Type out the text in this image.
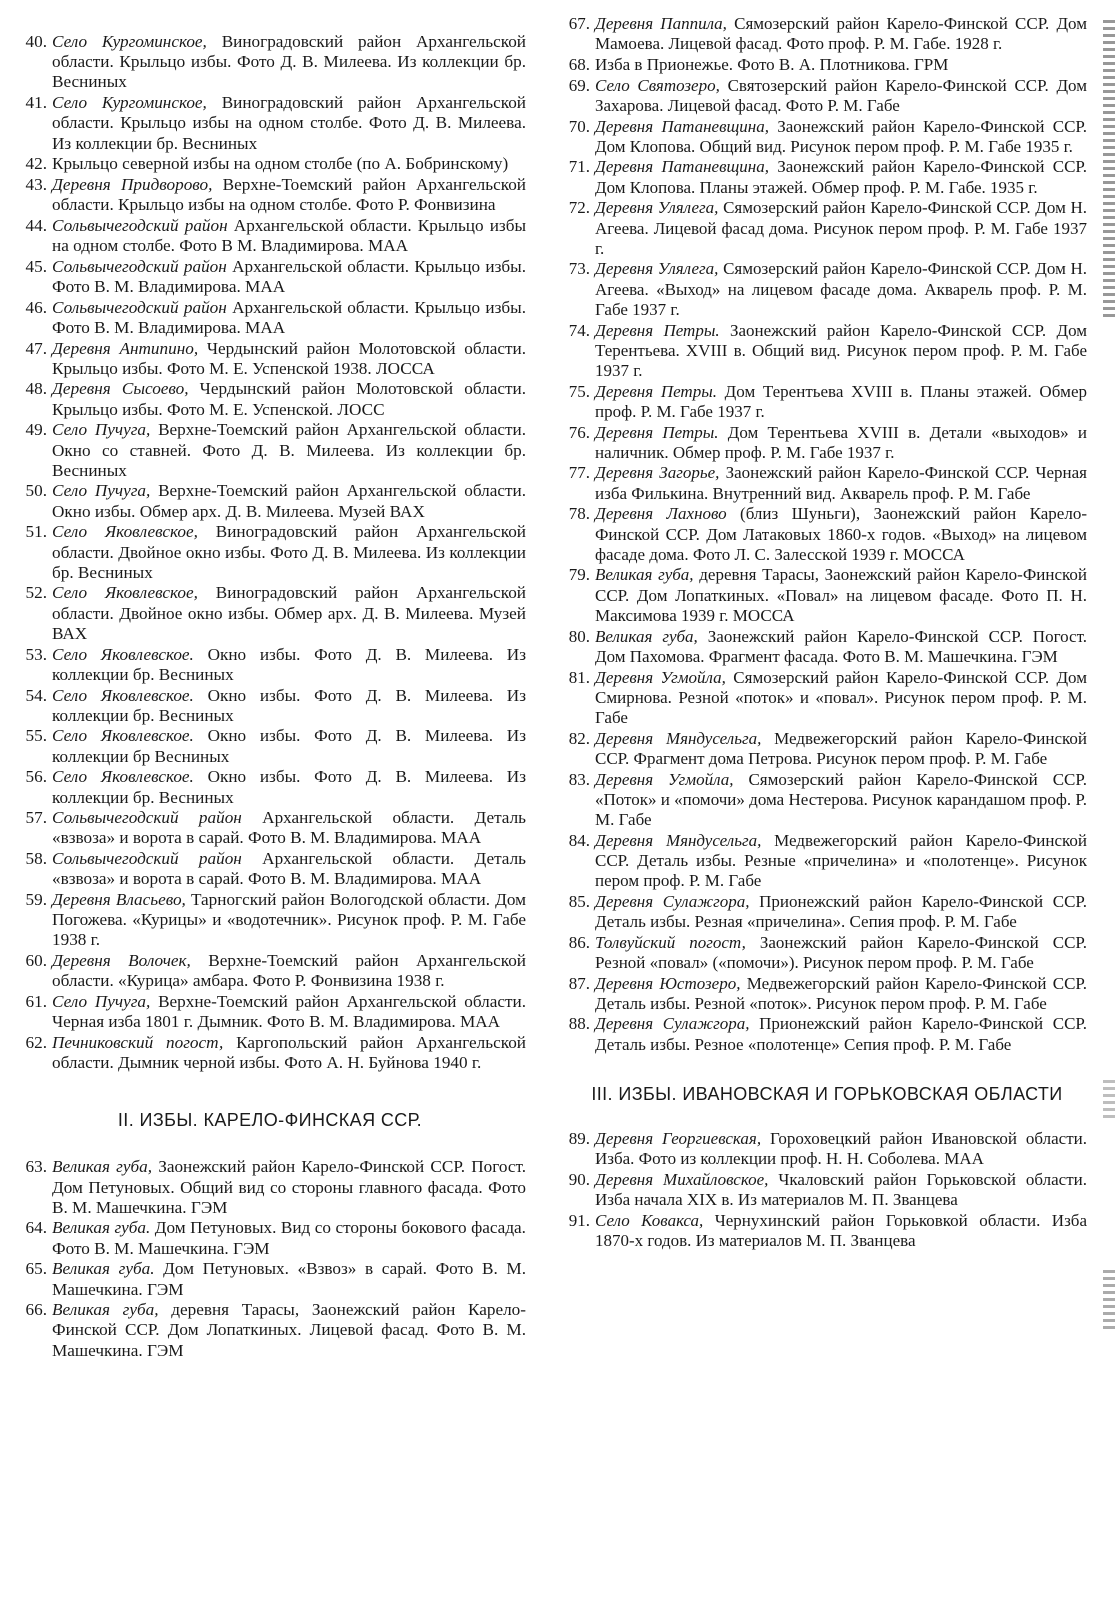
40. Село Кургоминское, Виноградовский район Архангельской области. Крыльцо избы. Фото Д. В. Милеева. Из коллекции бр. Весниных
41. Село Кургоминское, Виноградовский район Архангельской области. Крыльцо избы на одном столбе. Фото Д. В. Милеева. Из коллекции бр. Весниных
42. Крыльцо северной избы на одном столбе (по А. Бобринскому)
43. Деревня Придворово, Верхне-Тоемский район Архангельской области. Крыльцо избы на одном столбе. Фото Р. Фонвизина
44. Сольвычегодский район Архангельской области. Крыльцо избы на одном столбе. Фото В М. Владимирова. МАА
45. Сольвычегодский район Архангельской области. Крыльцо избы. Фото В. М. Владимирова. МАА
46. Сольвычегодский район Архангельской области. Крыльцо избы. Фото В. М. Владимирова. МАА
47. Деревня Антипино, Чердынский район Молотовской области. Крыльцо избы. Фото М. Е. Успенской 1938. ЛОССА
48. Деревня Сысоево, Чердынский район Молотовской области. Крыльцо избы. Фото М. Е. Успенской. ЛОСС
49. Село Пучуга, Верхне-Тоемский район Архангельской области. Окно со ставней. Фото Д. В. Милеева. Из коллекции бр. Весниных
50. Село Пучуга, Верхне-Тоемский район Архангельской области. Окно избы. Обмер арх. Д. В. Милеева. Музей ВАХ
51. Село Яковлевское, Виноградовский район Архангельской области. Двойное окно избы. Фото Д. В. Милеева. Из коллекции бр. Весниных
52. Село Яковлевское, Виноградовский район Архангельской области. Двойное окно избы. Обмер арх. Д. В. Милеева. Музей ВАХ
53. Село Яковлевское. Окно избы. Фото Д. В. Милеева. Из коллекции бр. Весниных
54. Село Яковлевское. Окно избы. Фото Д. В. Милеева. Из коллекции бр. Весниных
55. Село Яковлевское. Окно избы. Фото Д. В. Милеева. Из коллекции бр Весниных
56. Село Яковлевское. Окно избы. Фото Д. В. Милеева. Из коллекции бр. Весниных
57. Сольвычегодский район Архангельской области. Деталь «взвоза» и ворота в сарай. Фото В. М. Владимирова. МАА
58. Сольвычегодский район Архангельской области. Деталь «взвоза» и ворота в сарай. Фото В. М. Владимирова. МАА
59. Деревня Власьево, Тарногский район Вологодской области. Дом Погожева. «Курицы» и «водотечник». Рисунок проф. Р. М. Габе 1938 г.
60. Деревня Волочек, Верхне-Тоемский район Архангельской области. «Курица» амбара. Фото Р. Фонвизина 1938 г.
61. Село Пучуга, Верхне-Тоемский район Архангельской области. Черная изба 1801 г. Дымник. Фото В. М. Владимирова. МАА
62. Печниковский погост, Каргопольский район Архангельской области. Дымник черной избы. Фото А. Н. Буйнова 1940 г.
II. ИЗБЫ. КАРЕЛО-ФИНСКАЯ ССР.
63. Великая губа, Заонежский район Карело-Финской ССР. Погост. Дом Петуновых. Общий вид со стороны главного фасада. Фото В. М. Машечкина. ГЭМ
64. Великая губа. Дом Петуновых. Вид со стороны бокового фасада. Фото В. М. Машечкина. ГЭМ
65. Великая губа. Дом Петуновых. «Взвоз» в сарай. Фото В. М. Машечкина. ГЭМ
66. Великая губа, деревня Тарасы, Заонежский район Карело-Финской ССР. Дом Лопаткиных. Лицевой фасад. Фото В. М. Машечкина. ГЭМ
67. Деревня Паппила, Сямозерский район Карело-Финской ССР. Дом Мамоева. Лицевой фасад. Фото проф. Р. М. Габе. 1928 г.
68. Изба в Прионежье. Фото В. А. Плотникова. ГРМ
69. Село Святозеро, Святозерский район Карело-Финской ССР. Дом Захарова. Лицевой фасад. Фото Р. М. Габе
70. Деревня Патаневщина, Заонежский район Карело-Финской ССР. Дом Клопова. Общий вид. Рисунок пером проф. Р. М. Габе 1935 г.
71. Деревня Патаневщина, Заонежский район Карело-Финской ССР. Дом Клопова. Планы этажей. Обмер проф. Р. М. Габе. 1935 г.
72. Деревня Улялега, Сямозерский район Карело-Финской ССР. Дом Н. Агеева. Лицевой фасад дома. Рисунок пером проф. Р. М. Габе 1937 г.
73. Деревня Улялега, Сямозерский район Карело-Финской ССР. Дом Н. Агеева. «Выход» на лицевом фасаде дома. Акварель проф. Р. М. Габе 1937 г.
74. Деревня Петры. Заонежский район Карело-Финской ССР. Дом Терентьева. XVIII в. Общий вид. Рисунок пером проф. Р. М. Габе 1937 г.
75. Деревня Петры. Дом Терентьева XVIII в. Планы этажей. Обмер проф. Р. М. Габе 1937 г.
76. Деревня Петры. Дом Терентьева XVIII в. Детали «выходов» и наличник. Обмер проф. Р. М. Габе 1937 г.
77. Деревня Загорье, Заонежский район Карело-Финской ССР. Черная изба Филькина. Внутренний вид. Акварель проф. Р. М. Габе
78. Деревня Лахново (близ Шуньги), Заонежский район Карело-Финской ССР. Дом Латаковых 1860-х годов. «Выход» на лицевом фасаде дома. Фото Л. С. Залесской 1939 г. МОССА
79. Великая губа, деревня Тарасы, Заонежский район Карело-Финской ССР. Дом Лопаткиных. «Повал» на лицевом фасаде. Фото П. Н. Максимова 1939 г. МОССА
80. Великая губа, Заонежский район Карело-Финской ССР. Погост. Дом Пахомова. Фрагмент фасада. Фото В. М. Машечкина. ГЭМ
81. Деревня Угмойла, Сямозерский район Карело-Финской ССР. Дом Смирнова. Резной «поток» и «повал». Рисунок пером проф. Р. М. Габе
82. Деревня Мяндусельга, Медвежегорский район Карело-Финской ССР. Фрагмент дома Петрова. Рисунок пером проф. Р. М. Габе
83. Деревня Угмойла, Сямозерский район Карело-Финской ССР. «Поток» и «помочи» дома Нестерова. Рисунок карандашом проф. Р. М. Габе
84. Деревня Мяндусельга, Медвежегорский район Карело-Финской ССР. Деталь избы. Резные «причелина» и «полотенце». Рисунок пером проф. Р. М. Габе
85. Деревня Сулажгора, Прионежский район Карело-Финской ССР. Деталь избы. Резная «причелина». Сепия проф. Р. М. Габе
86. Толвуйский погост, Заонежский район Карело-Финской ССР. Резной «повал» («помочи»). Рисунок пером проф. Р. М. Габе
87. Деревня Юстозеро, Медвежегорский район Карело-Финской ССР. Деталь избы. Резной «поток». Рисунок пером проф. Р. М. Габе
88. Деревня Сулажгора, Прионежский район Карело-Финской ССР. Деталь избы. Резное «полотенце» Сепия проф. Р. М. Габе
III. ИЗБЫ. ИВАНОВСКАЯ И ГОРЬКОВСКАЯ ОБЛАСТИ
89. Деревня Георгиевская, Гороховецкий район Ивановской области. Изба. Фото из коллекции проф. Н. Н. Соболева. МАА
90. Деревня Михайловское, Чкаловский район Горьковской области. Изба начала XIX в. Из материалов М. П. Званцева
91. Село Ковакса, Чернухинский район Горьковкой области. Изба 1870-х годов. Из материалов М. П. Званцева
